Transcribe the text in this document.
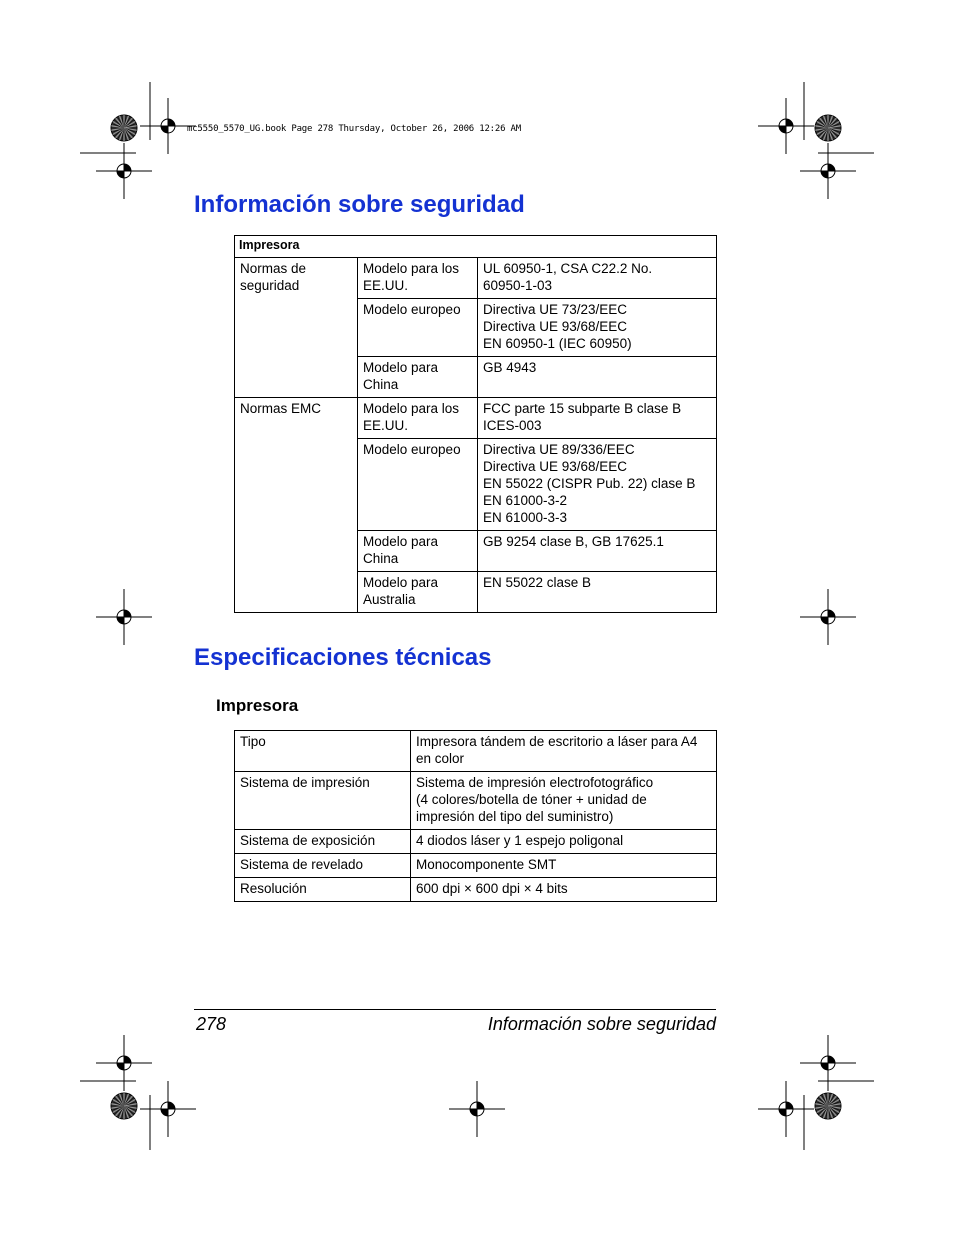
mc5550_5570_UG.book Page 278 Thursday, October 26, 2006 12:26 AM
Información sobre seguridad
Impresora		
Normas de seguridad	Modelo para los EE.UU.	UL 60950-1, CSA C22.2 No.
60950-1-03

	Modelo europeo	Directiva UE 73/23/EEC
Directiva UE 93/68/EEC
EN 60950-1 (IEC 60950)

	Modelo para China	GB 4943

Normas EMC	Modelo para los EE.UU.	FCC parte 15 subparte B clase B
ICES-003

	Modelo europeo	Directiva UE 89/336/EEC
Directiva UE 93/68/EEC
EN 55022 (CISPR Pub. 22) clase B
EN 61000-3-2
EN 61000-3-3

	Modelo para China	GB 9254 clase B, GB 17625.1

	Modelo para Australia	EN 55022 clase B
Especificaciones técnicas
Impresora
Tipo	Impresora tándem de escritorio a láser para A4
en color

Sistema de impresión	Sistema de impresión electrofotográfico
(4 colores/botella de tóner + unidad de
impresión del tipo del suministro)

Sistema de exposición	4 diodos láser y 1 espejo poligonal

Sistema de revelado	Monocomponente SMT

Resolución	600 dpi × 600 dpi × 4 bits
278	Información sobre seguridad
